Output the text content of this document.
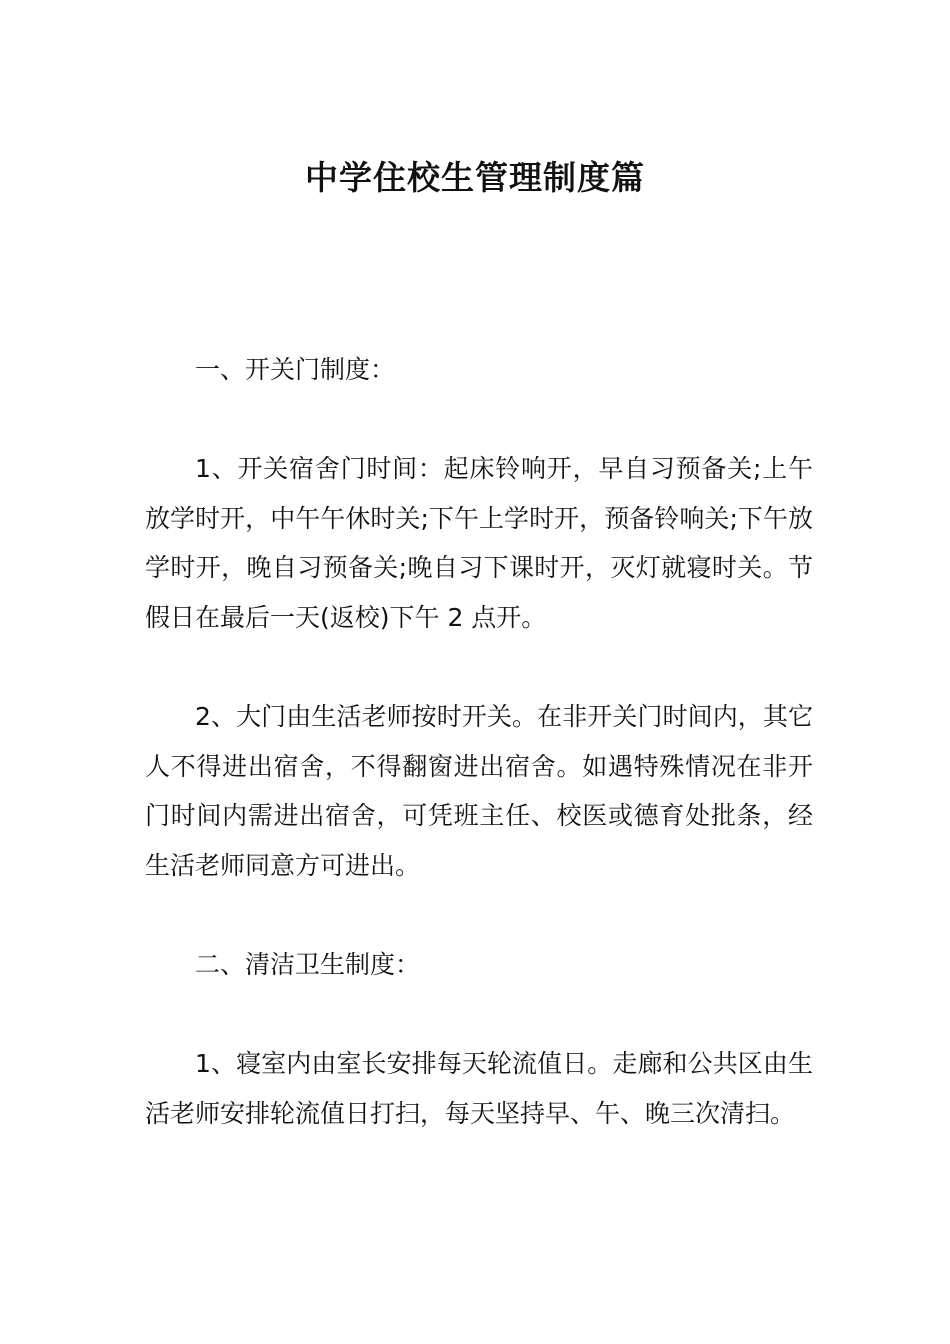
中学住校生管理制度篇
一、开关门制度：
1、开关宿舍门时间：起床铃响开，早自习预备关;上午放学时开，中午午休时关;下午上学时开，预备铃响关;下午放学时开，晚自习预备关;晚自习下课时开，灭灯就寝时关。节假日在最后一天(返校)下午 2 点开。
2、大门由生活老师按时开关。在非开关门时间内，其它人不得进出宿舍，不得翻窗进出宿舍。如遇特殊情况在非开门时间内需进出宿舍，可凭班主任、校医或德育处批条，经生活老师同意方可进出。
二、清洁卫生制度：
1、寝室内由室长安排每天轮流值日。走廊和公共区由生活老师安排轮流值日打扫，每天坚持早、午、晚三次清扫。
